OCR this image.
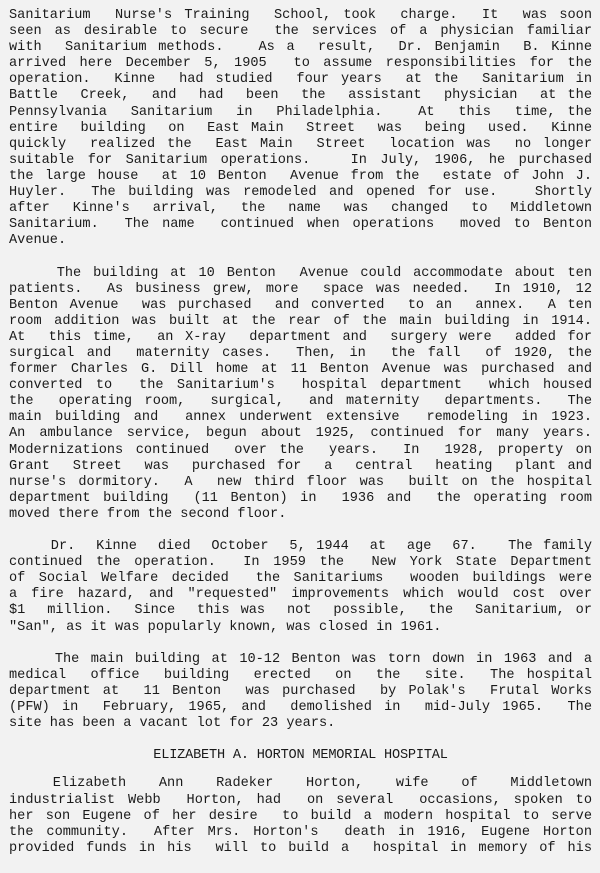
Sanitarium  Nurse's Training  School, took  charge.  It  was soon
seen as desirable to secure  the services of a physician familiar
with  Sanitarium methods.   As a  result,  Dr. Benjamin  B. Kinne
arrived here December 5, 1905  to assume responsibilities for the
operation.  Kinne  had studied  four years  at the  Sanitarium in
Battle  Creek,  and  had  been  the  assistant  physician  at the
Pennsylvania  Sanitarium  in  Philadelphia.   At  this  time, the
entire  building  on  East Main  Street  was  being  used.  Kinne
quickly  realized the  East Main  Street  location was  no longer
suitable for Sanitarium operations.   In July, 1906, he purchased
the large house  at 10 Benton  Avenue from the  estate of John J.
Huyler.  The building was remodeled and opened for use.   Shortly
after  Kinne's  arrival,  the  name  was  changed  to  Middletown
Sanitarium.  The name  continued when operations  moved to Benton
Avenue.
The building at 10 Benton  Avenue could accommodate about ten
patients.  As business grew, more  space was needed.  In 1910, 12
Benton Avenue  was purchased  and converted  to an  annex.  A ten
room addition was built at the rear of the main building in 1914.
At  this time,  an X-ray  department and  surgery were  added for
surgical and  maternity cases.  Then, in  the fall  of 1920, the
former Charles G. Dill home at 11 Benton Avenue was purchased and
converted to  the Sanitarium's  hospital department  which housed
the  operating room,  surgical,  and maternity  departments.  The
main building and  annex underwent extensive  remodeling in 1923.
An ambulance service, begun about 1925, continued for many years.
Modernizations continued  over the  years.  In  1928, property on
Grant  Street  was  purchased for  a  central  heating  plant and
nurse's dormitory.  A  new third floor was  built on the hospital
department building  (11 Benton) in  1936 and  the operating room
moved there from the second floor.
Dr.  Kinne  died  October  5, 1944  at  age  67.   The family
continued the operation.  In 1959 the  New York State Department
of Social Welfare decided  the Sanitariums  wooden buildings were
a fire hazard, and "requested" improvements which would cost over
$1  million.  Since  this was  not  possible,  the  Sanitarium, or
"San", as it was popularly known, was closed in 1961.
The main building at 10-12 Benton was torn down in 1963 and a
medical  office  building  erected  on  the  site.  The hospital
department at  11 Benton  was purchased  by Polak's  Frutal Works
(PFW) in  February, 1965, and  demolished in  mid-July 1965.  The
site has been a vacant lot for 23 years.
ELIZABETH A. HORTON MEMORIAL HOSPITAL
Elizabeth   Ann   Radeker   Horton,   wife   of   Middletown
industrialist Webb  Horton, had  on several  occasions, spoken to
her son Eugene of her desire  to build a modern hospital to serve
the community.  After Mrs. Horton's  death in 1916, Eugene Horton
provided funds in his  will to build a  hospital in memory of his
